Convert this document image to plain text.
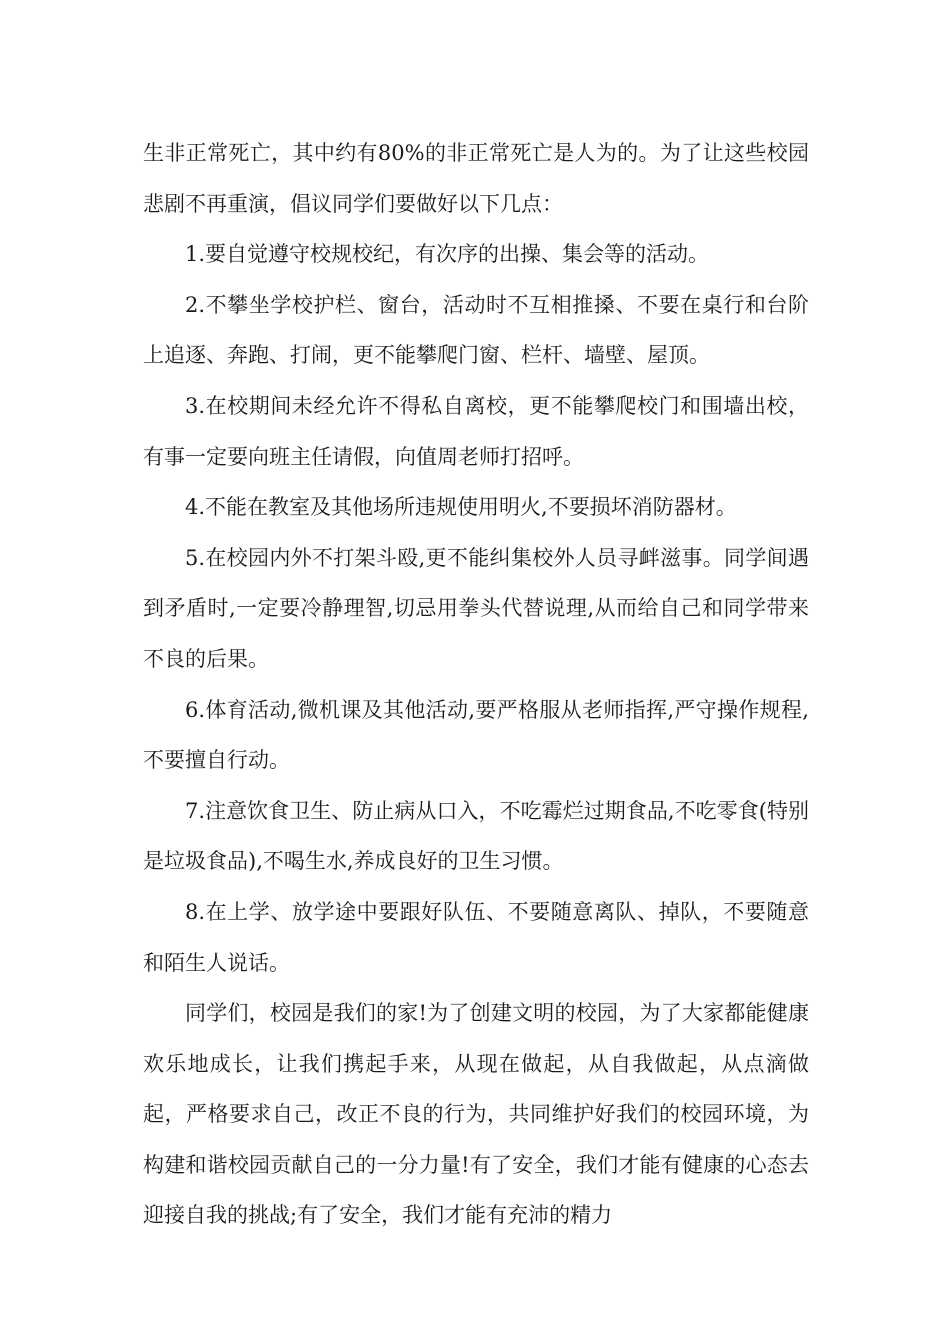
生非正常死亡，其中约有80%的非正常死亡是人为的。为了让这些校园悲剧不再重演，倡议同学们要做好以下几点：

1.要自觉遵守校规校纪，有次序的出操、集会等的活动。

2.不攀坐学校护栏、窗台，活动时不互相推搡、不要在桌行和台阶上追逐、奔跑、打闹，更不能攀爬门窗、栏杆、墙壁、屋顶。

3.在校期间未经允许不得私自离校，更不能攀爬校门和围墙出校，有事一定要向班主任请假，向值周老师打招呼。

4.不能在教室及其他场所违规使用明火,不要损坏消防器材。

5.在校园内外不打架斗殴,更不能纠集校外人员寻衅滋事。同学间遇到矛盾时,一定要冷静理智,切忌用拳头代替说理,从而给自己和同学带来不良的后果。

6.体育活动,微机课及其他活动,要严格服从老师指挥,严守操作规程,不要擅自行动。

7.注意饮食卫生、防止病从口入，不吃霉烂过期食品,不吃零食(特别是垃圾食品),不喝生水,养成良好的卫生习惯。

8.在上学、放学途中要跟好队伍、不要随意离队、掉队，不要随意和陌生人说话。

同学们，校园是我们的家!为了创建文明的校园，为了大家都能健康欢乐地成长，让我们携起手来，从现在做起，从自我做起，从点滴做起，严格要求自己，改正不良的行为，共同维护好我们的校园环境，为构建和谐校园贡献自己的一分力量!有了安全，我们才能有健康的心态去迎接自我的挑战;有了安全，我们才能有充沛的精力
